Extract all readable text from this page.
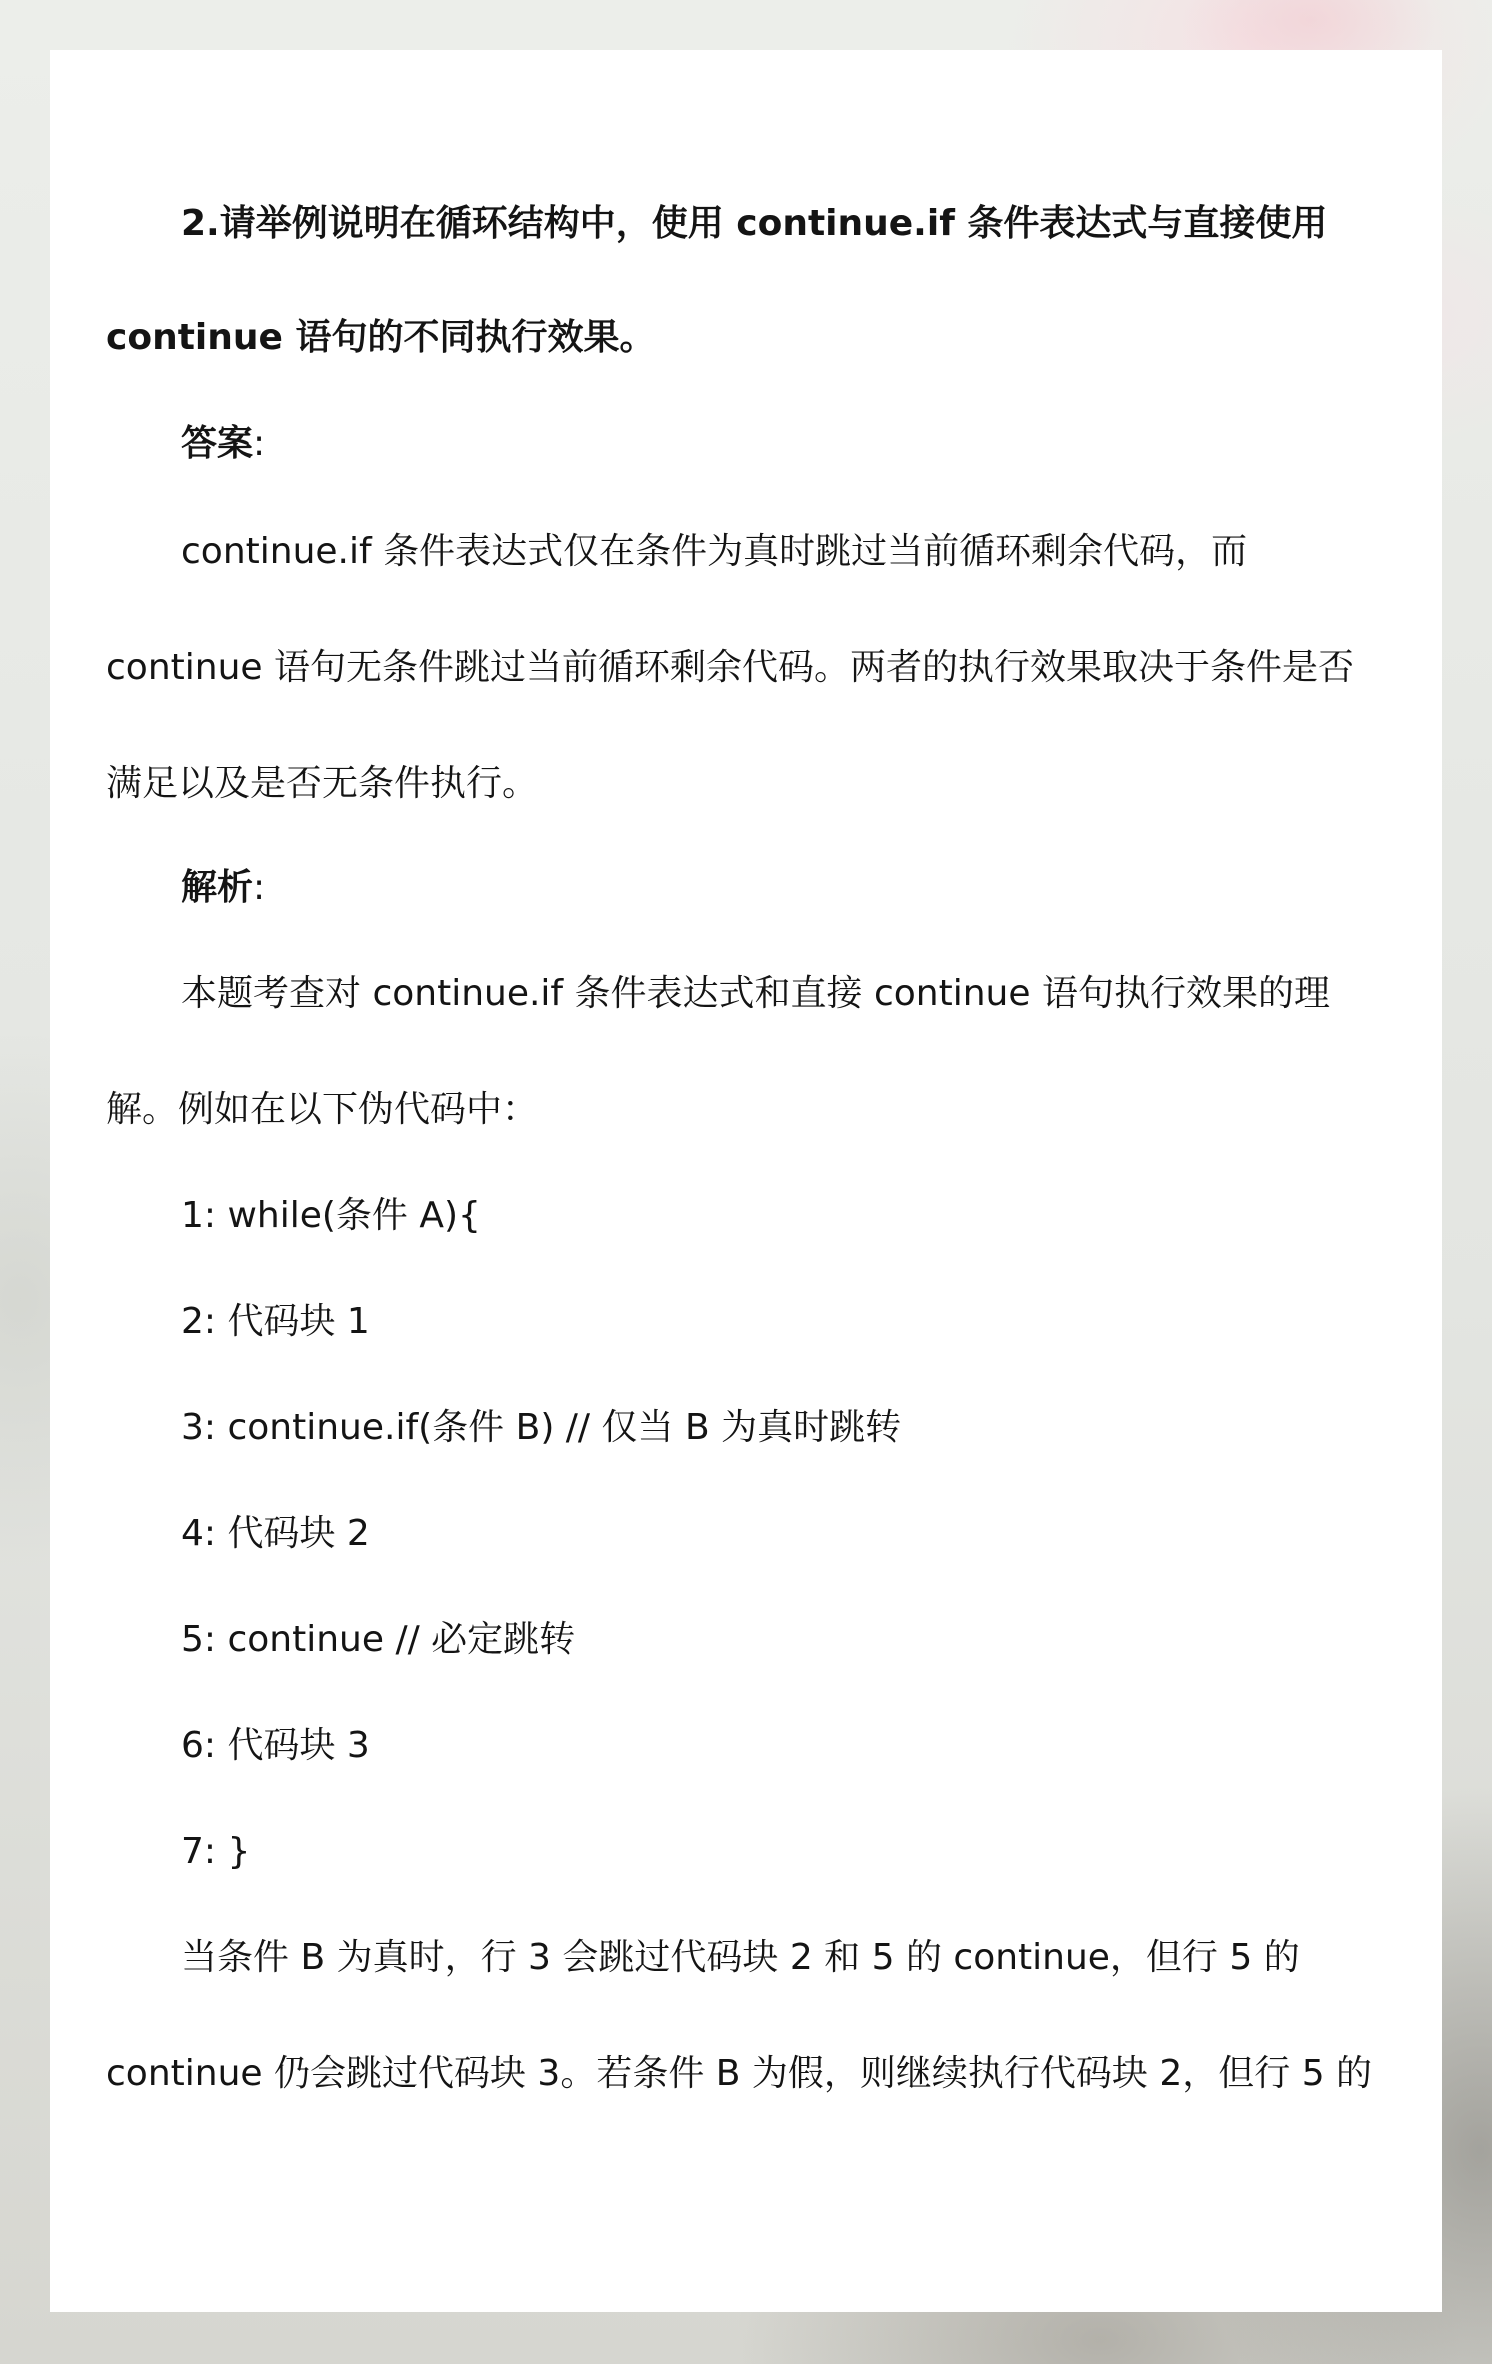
2.请举例说明在循环结构中，使用 continue.if 条件表达式与直接使用
continue 语句的不同执行效果。
答案:
continue.if 条件表达式仅在条件为真时跳过当前循环剩余代码，而
continue 语句无条件跳过当前循环剩余代码。两者的执行效果取决于条件是否
满足以及是否无条件执行。
解析:
本题考查对 continue.if 条件表达式和直接 continue 语句执行效果的理
解。例如在以下伪代码中：
1: while(条件 A){
2: 代码块 1
3: continue.if(条件 B) // 仅当 B 为真时跳转
4: 代码块 2
5: continue // 必定跳转
6: 代码块 3
7: }
当条件 B 为真时，行 3 会跳过代码块 2 和 5 的 continue，但行 5 的
continue 仍会跳过代码块 3。若条件 B 为假，则继续执行代码块 2，但行 5 的
